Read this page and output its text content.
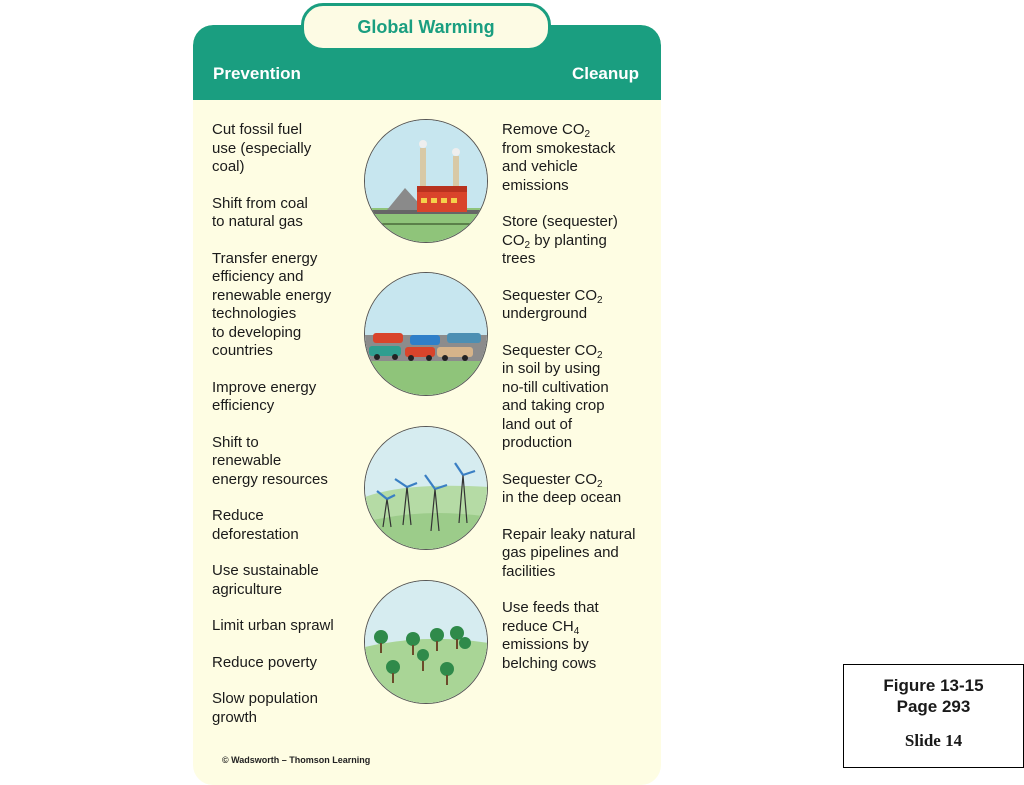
Prevention	Cleanup
Global Warming
Cut fossil fuel
use (especially
coal)
Shift from coal
to natural gas
Transfer energy
efficiency and
renewable energy
technologies
to developing
countries
Improve energy
efficiency
Shift to
renewable
energy resources
Reduce
deforestation
Use sustainable
agriculture
Limit urban sprawl
Reduce poverty
Slow population
growth
Remove $CO_2$
from smokestack
and vehicle
emissions
Store (sequester)
$CO_2$ by planting
trees
Sequester $CO_2$
underground
Sequester $CO_2$
in soil by using
no-till cultivation
and taking crop
land out of
production
Sequester $CO_2$
in the deep ocean
Repair leaky natural
gas pipelines and
facilities
Use feeds that
reduce $CH_4$
emissions by
belching cows
© Wadsworth – Thomson Learning
Figure 13-15
Page 293
Slide 14
